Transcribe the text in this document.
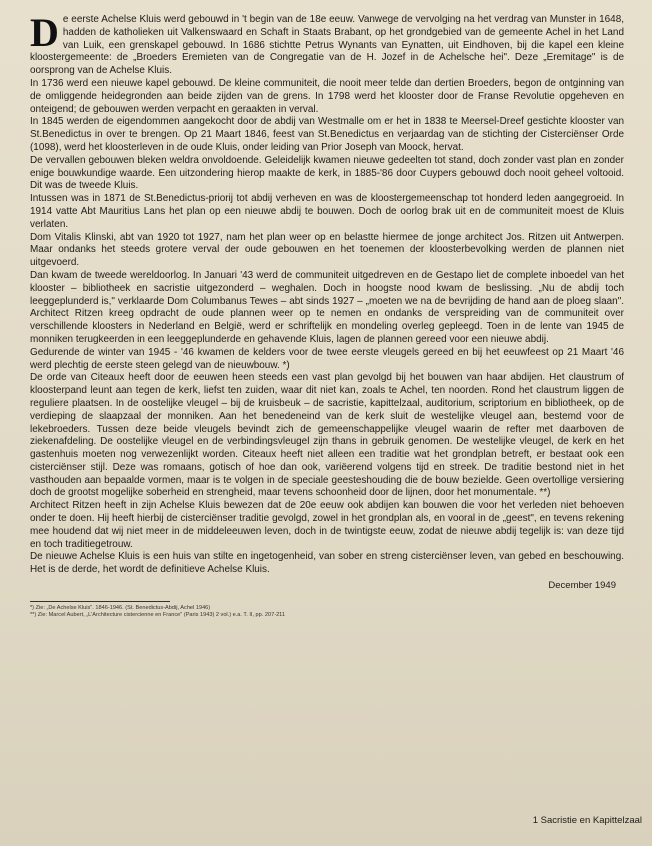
De eerste Achelse Kluis werd gebouwd in 't begin van de 18e eeuw. Vanwege de vervolging na het verdrag van Munster in 1648, hadden de katholieken uit Valkenswaard en Schaft in Staats Brabant, op het grondgebied van de gemeente Achel in het Land van Luik, een grenskapel gebouwd. In 1686 stichtte Petrus Wynants van Eynatten, uit Eindhoven, bij die kapel een kleine kloostergemeente: de „Broeders Eremieten van de Congregatie van de H. Jozef in de Achelsche hei". Deze „Eremitage" is de oorsprong van de Achelse Kluis.

In 1736 werd een nieuwe kapel gebouwd. De kleine communiteit, die nooit meer telde dan dertien Broeders, begon de ontginning van de omliggende heidegronden aan beide zijden van de grens. In 1798 werd het klooster door de Franse Revolutie opgeheven en onteigend; de gebouwen werden verpacht en geraakten in verval.

In 1845 werden de eigendommen aangekocht door de abdij van Westmalle om er het in 1838 te Meersel-Dreef gestichte klooster van St.Benedictus in over te brengen. Op 21 Maart 1846, feest van St.Benedictus en verjaardag van de stichting der Cisterciënser Orde (1098), werd het kloosterleven in de oude Kluis, onder leiding van Prior Joseph van Moock, hervat.

De vervallen gebouwen bleken weldra onvoldoende. Geleidelijk kwamen nieuwe gedeelten tot stand, doch zonder vast plan en zonder enige bouwkundige waarde. Een uitzondering hierop maakte de kerk, in 1885-'86 door Cuypers gebouwd doch nooit geheel voltooid. Dit was de tweede Kluis.

Intussen was in 1871 de St.Benedictus-priorij tot abdij verheven en was de kloostergemeenschap tot honderd leden aangegroeid. In 1914 vatte Abt Mauritius Lans het plan op een nieuwe abdij te bouwen. Doch de oorlog brak uit en de communiteit moest de Kluis verlaten.

Dom Vitalis Klinski, abt van 1920 tot 1927, nam het plan weer op en belastte hiermee de jonge architect Jos. Ritzen uit Antwerpen. Maar ondanks het steeds grotere verval der oude gebouwen en het toenemen der kloosterbevolking werden de plannen niet uitgevoerd.

Dan kwam de tweede wereldoorlog. In Januari '43 werd de communiteit uitgedreven en de Gestapo liet de complete inboedel van het klooster – bibliotheek en sacristie uitgezonderd – weghalen. Doch in hoogste nood kwam de beslissing. „Nu de abdij toch leeggeplunderd is," verklaarde Dom Columbanus Tewes – abt sinds 1927 – „moeten we na de bevrijding de hand aan de ploeg slaan". Architect Ritzen kreeg opdracht de oude plannen weer op te nemen en ondanks de verspreiding van de communiteit over verschillende kloosters in Nederland en België, werd er schriftelijk en mondeling overleg gepleegd. Toen in de lente van 1945 de monniken terugkeerden in een leeggeplunderde en gehavende Kluis, lagen de plannen gereed voor een nieuwe abdij.

Gedurende de winter van 1945 - '46 kwamen de kelders voor de twee eerste vleugels gereed en bij het eeuwfeest op 21 Maart '46 werd plechtig de eerste steen gelegd van de nieuwbouw. *)

De orde van Citeaux heeft door de eeuwen heen steeds een vast plan gevolgd bij het bouwen van haar abdijen. Het claustrum of kloosterpand leunt aan tegen de kerk, liefst ten zuiden, waar dit niet kan, zoals te Achel, ten noorden. Rond het claustrum liggen de reguliere plaatsen. In de oostelijke vleugel – bij de kruisbeuk – de sacristie, kapittelzaal, auditorium, scriptorium en bibliotheek, op de verdieping de slaapzaal der monniken. Aan het benedeneind van de kerk sluit de westelijke vleugel aan, bestemd voor de lekebroeders. Tussen deze beide vleugels bevindt zich de gemeenschappelijke vleugel waarin de refter met daarboven de ziekenafdeling. De oostelijke vleugel en de verbindingsvleugel zijn thans in gebruik genomen. De westelijke vleugel, de kerk en het gastenhuis moeten nog verwezenlijkt worden. Citeaux heeft niet alleen een traditie wat het grondplan betreft, er bestaat ook een cisterciënser stijl. Deze was romaans, gotisch of hoe dan ook, variëerend volgens tijd en streek. De traditie bestond niet in het vasthouden aan bepaalde vormen, maar is te volgen in de speciale geesteshouding die de bouw bezielde. Geen overtollige versiering doch de grootst mogelijke soberheid en strengheid, maar tevens schoonheid door de lijnen, door het monumentale. **)

Architect Ritzen heeft in zijn Achelse Kluis bewezen dat de 20e eeuw ook abdijen kan bouwen die voor het verleden niet behoeven onder te doen. Hij heeft hierbij de cisterciënser traditie gevolgd, zowel in het grondplan als, en vooral in de „geest", en tevens rekening mee houdend dat wij niet meer in de middeleeuwen leven, doch in de twintigste eeuw, zodat de nieuwe abdij tegelijk is: van deze tijd en toch traditiegetrouw.

De nieuwe Achelse Kluis is een huis van stilte en ingetogenheid, van sober en streng cisterciënser leven, van gebed en beschouwing. Het is de derde, het wordt de definitieve Achelse Kluis.

December 1949
*) Zie: „De Achelse Kluis". 1846-1946. (St. Benedictus-Abdij, Achel 1946)
**) Zie: Marcel Aubert, „L'Architecture cistercienne en France" (Paris 1943) 2 vol.) e.a. T. II, pp. 207-211
1 Sacristie en Kapittelzaal
